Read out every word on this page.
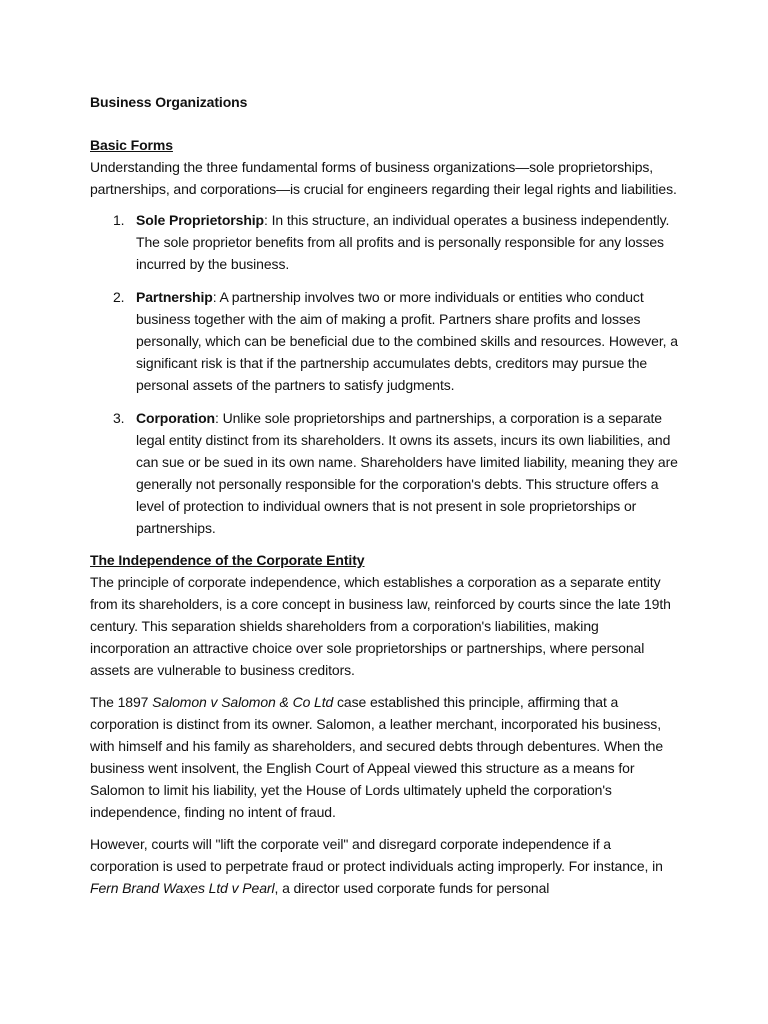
Business Organizations
Basic Forms

Understanding the three fundamental forms of business organizations—sole proprietorships, partnerships, and corporations—is crucial for engineers regarding their legal rights and liabilities.

1. Sole Proprietorship: In this structure, an individual operates a business independently. The sole proprietor benefits from all profits and is personally responsible for any losses incurred by the business.
2. Partnership: A partnership involves two or more individuals or entities who conduct business together with the aim of making a profit. Partners share profits and losses personally, which can be beneficial due to the combined skills and resources. However, a significant risk is that if the partnership accumulates debts, creditors may pursue the personal assets of the partners to satisfy judgments.
3. Corporation: Unlike sole proprietorships and partnerships, a corporation is a separate legal entity distinct from its shareholders. It owns its assets, incurs its own liabilities, and can sue or be sued in its own name. Shareholders have limited liability, meaning they are generally not personally responsible for the corporation's debts. This structure offers a level of protection to individual owners that is not present in sole proprietorships or partnerships.
The Independence of the Corporate Entity

The principle of corporate independence, which establishes a corporation as a separate entity from its shareholders, is a core concept in business law, reinforced by courts since the late 19th century. This separation shields shareholders from a corporation's liabilities, making incorporation an attractive choice over sole proprietorships or partnerships, where personal assets are vulnerable to business creditors.

The 1897 Salomon v Salomon & Co Ltd case established this principle, affirming that a corporation is distinct from its owner. Salomon, a leather merchant, incorporated his business, with himself and his family as shareholders, and secured debts through debentures. When the business went insolvent, the English Court of Appeal viewed this structure as a means for Salomon to limit his liability, yet the House of Lords ultimately upheld the corporation's independence, finding no intent of fraud.

However, courts will "lift the corporate veil" and disregard corporate independence if a corporation is used to perpetrate fraud or protect individuals acting improperly. For instance, in Fern Brand Waxes Ltd v Pearl, a director used corporate funds for personal
